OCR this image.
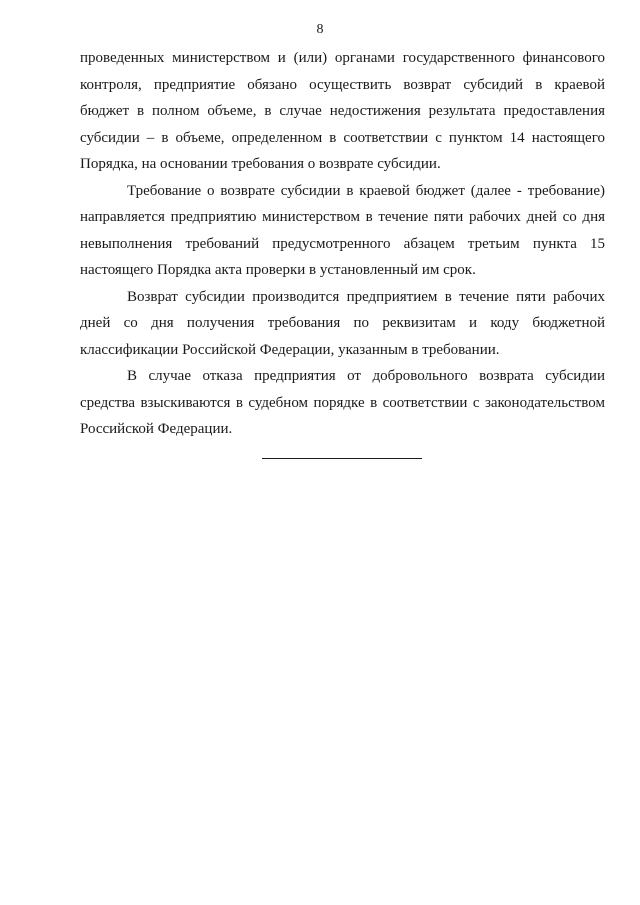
8
проведенных министерством и (или) органами государственного финансового
контроля, предприятие обязано осуществить возврат субсидий в краевой
бюджет в полном объеме, в случае недостижения результата предоставления
субсидии – в объеме, определенном в соответствии с пунктом 14 настоящего
Порядка, на основании требования о возврате субсидии.
Требование о возврате субсидии в краевой бюджет (далее - требование)
направляется предприятию министерством в течение пяти рабочих дней со дня
невыполнения требований предусмотренного абзацем третьим пункта 15
настоящего Порядка акта проверки в установленный им срок.
Возврат субсидии производится предприятием в течение пяти рабочих
дней со дня получения требования по реквизитам и коду бюджетной
классификации Российской Федерации, указанным в требовании.
В случае отказа предприятия от добровольного возврата субсидии
средства взыскиваются в судебном порядке в соответствии с законодательством
Российской Федерации.
